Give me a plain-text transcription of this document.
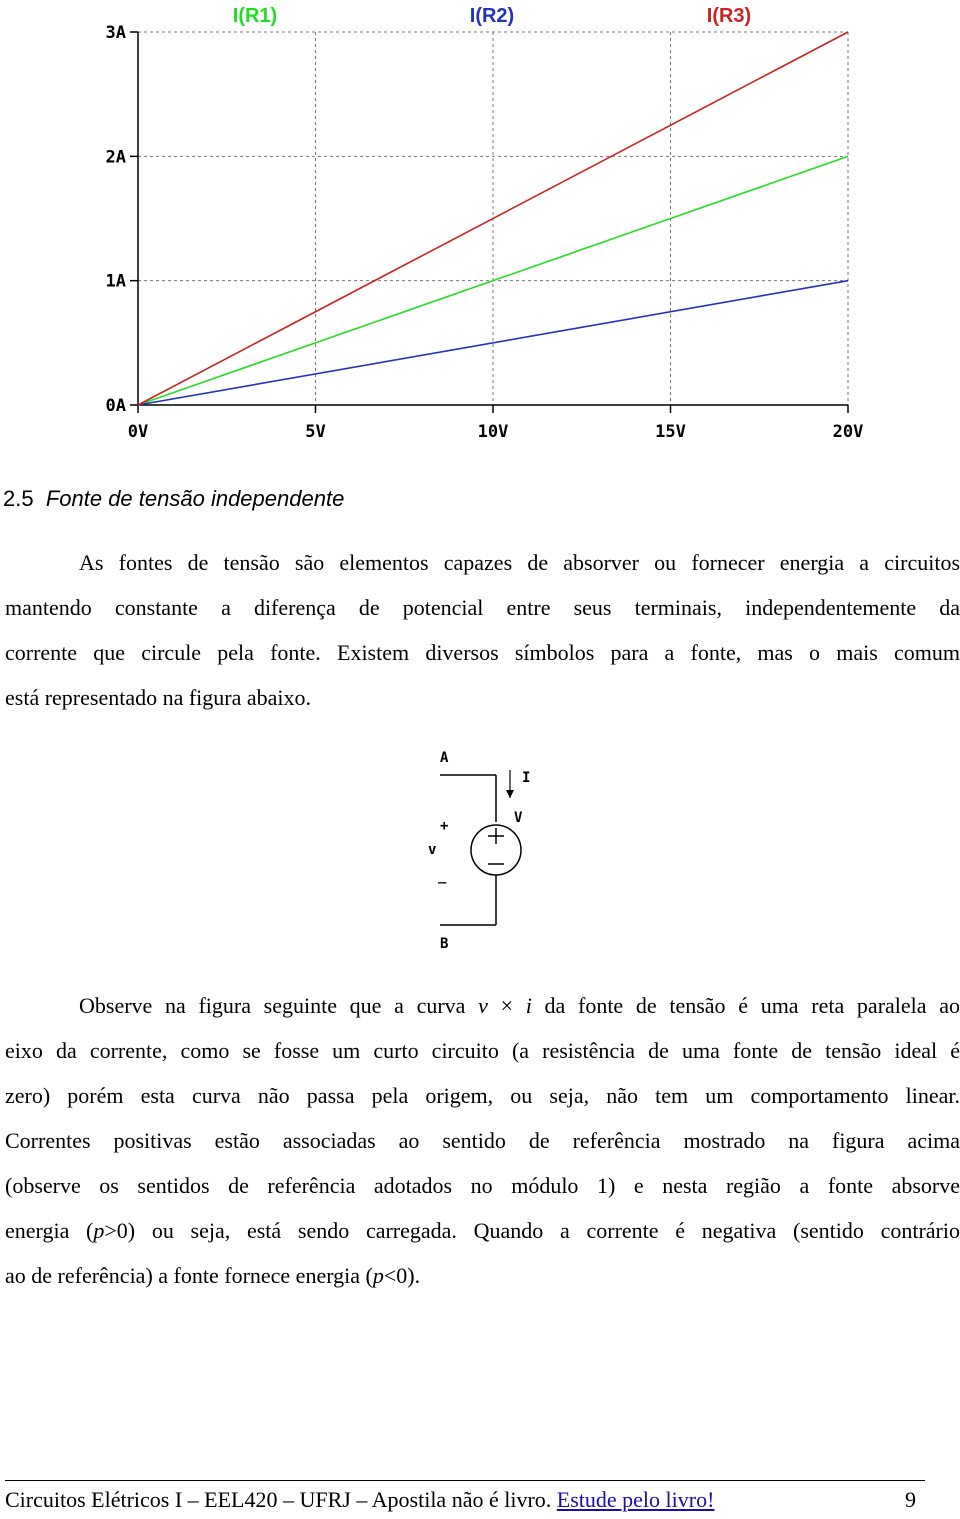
0V	5V	10V	15V	20V
0A
1A
2A
3A
I(R1)	I(R2)	I(R3)
2.5 Fonte de tensão independente
As fontes de tensão são elementos capazes de absorver ou fornecer energia a circuitos
mantendo constante a diferença de potencial entre seus terminais, independentemente da
corrente que circule pela fonte. Existem diversos símbolos para a fonte, mas o mais comum
está representado na figura abaixo.
A
I
V
+
v
_
B
Observe na figura seguinte que a curva v × i da fonte de tensão é uma reta paralela ao
eixo da corrente, como se fosse um curto circuito (a resistência de uma fonte de tensão ideal é
zero) porém esta curva não passa pela origem, ou seja, não tem um comportamento linear.
Correntes positivas estão associadas ao sentido de referência mostrado na figura acima
(observe os sentidos de referência adotados no módulo 1) e nesta região a fonte absorve
energia (p>0) ou seja, está sendo carregada. Quando a corrente é negativa (sentido contrário
ao de referência) a fonte fornece energia (p<0).
Circuitos Elétricos I – EEL420 – UFRJ – Apostila não é livro. Estude pelo livro!	9
